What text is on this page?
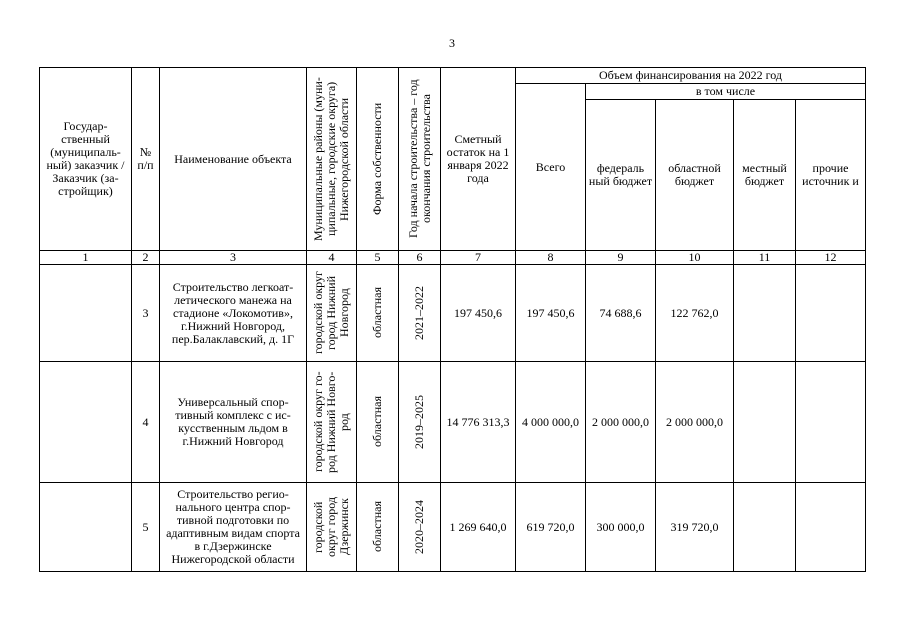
3
Государ-ственный (муниципаль-ный) заказчик / Заказчик (за-стройщик)	№ п/п	Наименование объекта	Муниципальные районы (муни-ципальные, городские округа) Нижегородской области	Форма собственности	Год начала строительства – год окончания строительства	Сметный остаток на 1 января 2022 года	Объем финансирования на 2022 год				
							Всего	в том числе			
								федераль ный бюджет	областной бюджет	местный бюджет	прочие источник и
1	2	3	4	5	6	7	8	9	10	11	12
	3	Строительство легкоат-летического манежа на стадионе «Локомотив», г.Нижний Новгород, пер.Балаклавский, д. 1Г	городской округ город Нижний Новгород	областная	2021–2022	197 450,6	197 450,6	74 688,6	122 762,0		
	4	Универсальный спор-тивный комплекс с ис-кусственным льдом в г.Нижний Новгород	городской округ го-род Нижний Новго-род	областная	2019–2025	14 776 313,3	4 000 000,0	2 000 000,0	2 000 000,0		
	5	Строительство регио-нального центра спор-тивной подготовки по адаптивным видам спорта в г.Дзержинске Нижегородской области	городской округ город Дзержинск	областная	2020–2024	1 269 640,0	619 720,0	300 000,0	319 720,0		
